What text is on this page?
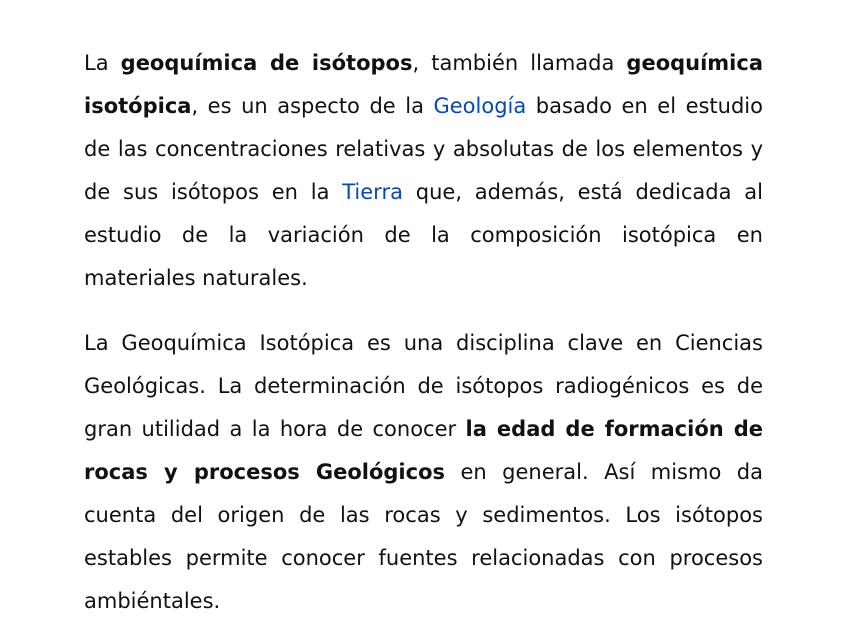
La geoquímica de isótopos, también llamada geoquímica isotópica, es un aspecto de la Geología basado en el estudio de las concentraciones relativas y absolutas de los elementos y de sus isótopos en la Tierra que, además, está dedicada al estudio de la variación de la composición isotópica en materiales naturales.

La Geoquímica Isotópica es una disciplina clave en Ciencias Geológicas. La determinación de isótopos radiogénicos es de gran utilidad a la hora de conocer la edad de formación de rocas y procesos Geológicos en general. Así mismo da cuenta del origen de las rocas y sedimentos. Los isótopos estables permite conocer fuentes relacionadas con procesos ambiéntales.
